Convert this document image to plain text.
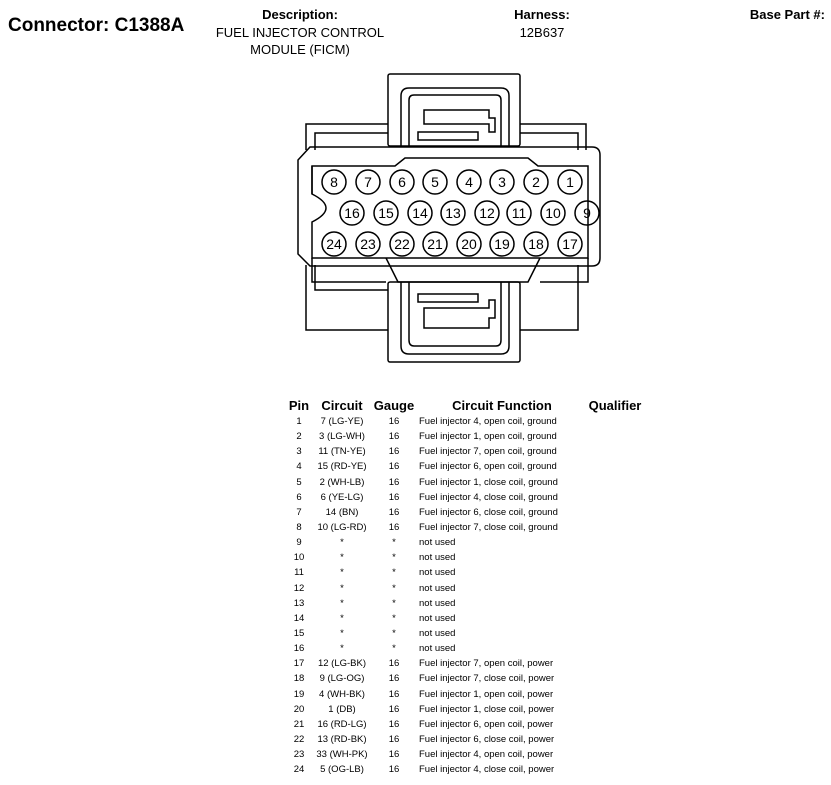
Connector: C1388A
Description:
FUEL INJECTOR CONTROL
MODULE (FICM)
Harness:
12B637
Base Part #:
8 7 6 5 4 3 2 1
16 15 14 13 12 11 10 9
24 23 22 21 20 19 18 17
Pin	Circuit	Gauge	Circuit Function	Qualifier
1	7 (LG-YE)	16	Fuel injector 4, open coil, ground	
2	3 (LG-WH)	16	Fuel injector 1, open coil, ground	
3	11 (TN-YE)	16	Fuel injector 7, open coil, ground	
4	15 (RD-YE)	16	Fuel injector 6, open coil, ground	
5	2 (WH-LB)	16	Fuel injector 1, close coil, ground	
6	6 (YE-LG)	16	Fuel injector 4, close coil, ground	
7	14 (BN)	16	Fuel injector 6, close coil, ground	
8	10 (LG-RD)	16	Fuel injector 7, close coil, ground	
9	*	*	not used	
10	*	*	not used	
11	*	*	not used	
12	*	*	not used	
13	*	*	not used	
14	*	*	not used	
15	*	*	not used	
16	*	*	not used	
17	12 (LG-BK)	16	Fuel injector 7, open coil, power	
18	9 (LG-OG)	16	Fuel injector 7, close coil, power	
19	4 (WH-BK)	16	Fuel injector 1, open coil, power	
20	1 (DB)	16	Fuel injector 1, close coil, power	
21	16 (RD-LG)	16	Fuel injector 6, open coil, power	
22	13 (RD-BK)	16	Fuel injector 6, close coil, power	
23	33 (WH-PK)	16	Fuel injector 4, open coil, power	
24	5 (OG-LB)	16	Fuel injector 4, close coil, power	
